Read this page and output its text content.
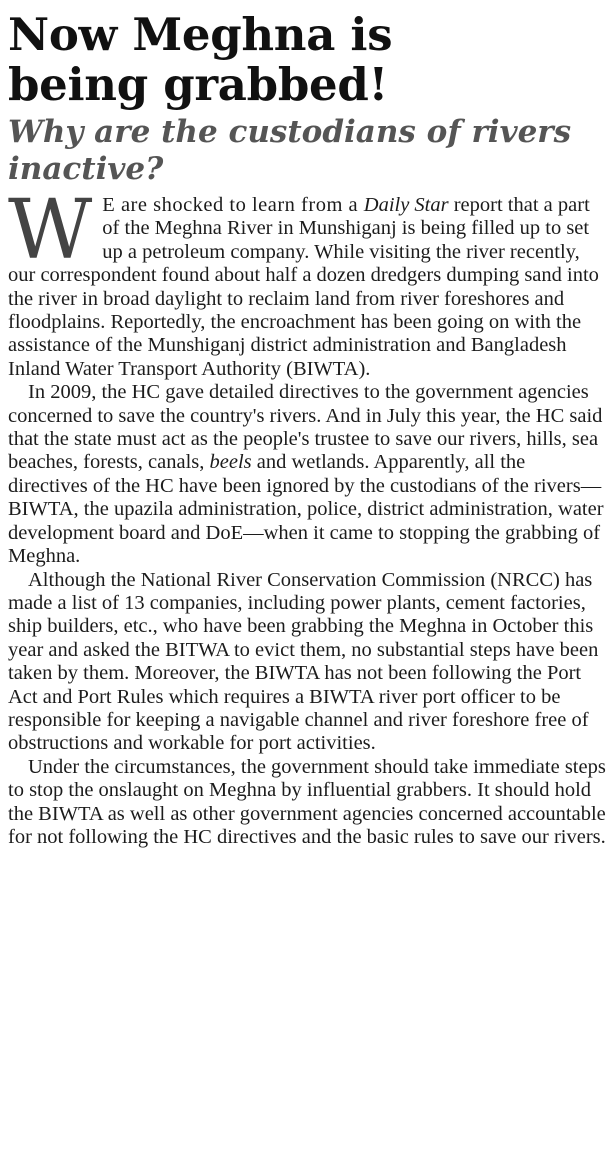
Now Meghna is
being grabbed!
Why are the custodians of rivers inactive?

W E are shocked to learn from a Daily Star report that a part of the Meghna River in Munshiganj is being filled up to set up a petroleum company. While visiting the river recently, our correspondent found about half a dozen dredgers dumping sand into the river in broad daylight to reclaim land from river foreshores and floodplains. Reportedly, the encroachment has been going on with the assistance of the Munshiganj district administration and Bangladesh Inland Water Transport Authority (BIWTA).

In 2009, the HC gave detailed directives to the government agencies concerned to save the country's rivers. And in July this year, the HC said that the state must act as the people's trustee to save our rivers, hills, sea beaches, forests, canals, beels and wetlands. Apparently, all the directives of the HC have been ignored by the custodians of the rivers—BIWTA, the upazila administration, police, district administration, water development board and DoE—when it came to stopping the grabbing of Meghna.

Although the National River Conservation Commission (NRCC) has made a list of 13 companies, including power plants, cement factories, ship builders, etc., who have been grabbing the Meghna in October this year and asked the BITWA to evict them, no substantial steps have been taken by them. Moreover, the BIWTA has not been following the Port Act and Port Rules which requires a BIWTA river port officer to be responsible for keeping a navigable channel and river foreshore free of obstructions and workable for port activities.

Under the circumstances, the government should take immediate steps to stop the onslaught on Meghna by influential grabbers. It should hold the BIWTA as well as other government agencies concerned accountable for not following the HC directives and the basic rules to save our rivers.
